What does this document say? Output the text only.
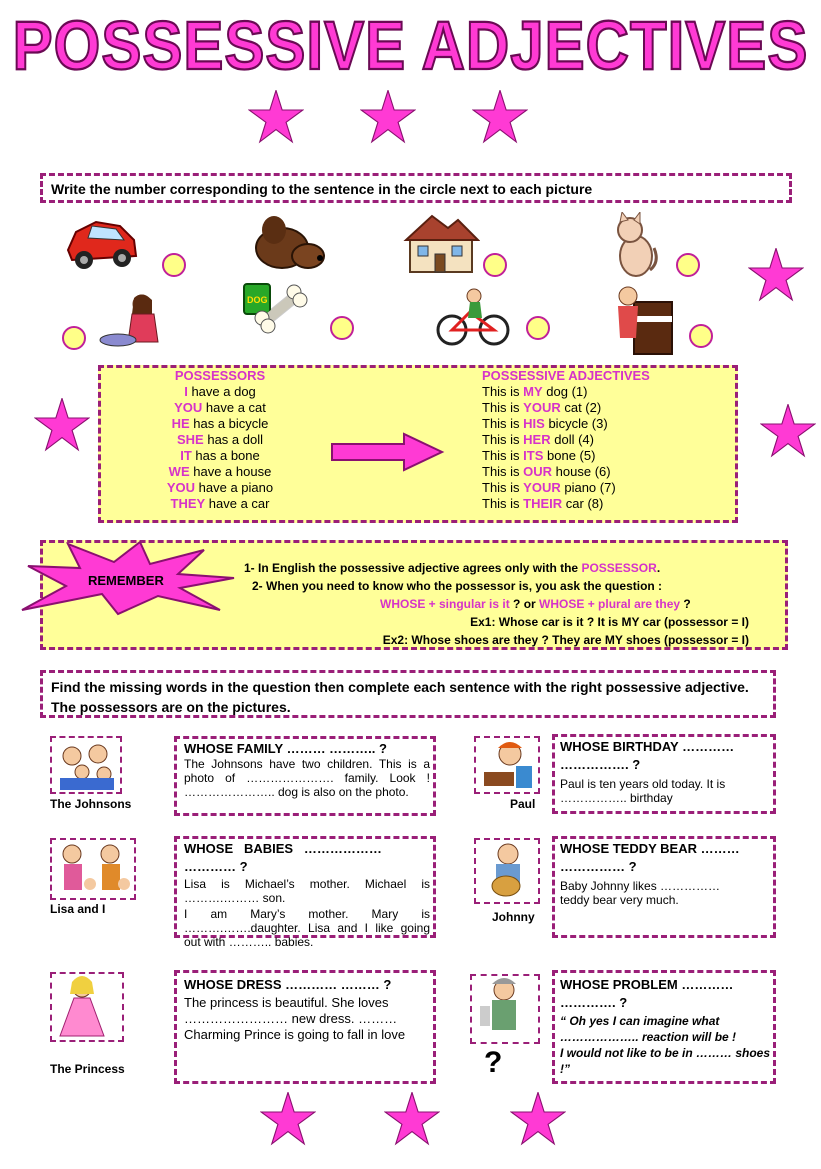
POSSESSIVE ADJECTIVES
Write the number corresponding to the sentence in the circle next to each picture
DOG
POSSESSORS
I have a dog
YOU have a cat
HE has a bicycle
SHE has a doll
IT has a bone
WE have a house
YOU have a piano
THEY have a car
POSSESSIVE ADJECTIVES
This is MY dog (1)
This is YOUR cat (2)
This is HIS bicycle (3)
This is HER doll (4)
This is ITS bone (5)
This is OUR house (6)
This is YOUR piano (7)
This is THEIR car (8)
REMEMBER
1- In English the possessive adjective agrees only with the POSSESSOR.
2- When you need to know who the possessor is, you ask the question :
WHOSE + singular is it ? or WHOSE + plural are they ?
Ex1: Whose car is it ? It is MY car (possessor = I)
Ex2: Whose shoes are they ? They are MY shoes (possessor = I)
Find the missing words in the question then complete each sentence with the right possessive adjective. The possessors are on the pictures.
The Johnsons
WHOSE FAMILY ……… ……….. ?
The Johnsons have two children. This is a photo of …………………. family. Look ! ………………….. dog is also on the photo.
Paul
WHOSE BIRTHDAY …………
……………. ?
Paul is ten years old today. It is …………….. birthday
Lisa and I
WHOSE   BABIES   ………………
………… ?
Lisa is Michael’s mother. Michael is ……….……… son.
I am Mary’s mother. Mary is ……….…….daughter. Lisa and I like going out with ……….. babies.
Johnny
WHOSE TEDDY BEAR ………
…………… ?
Baby Johnny likes …………… teddy bear very much.
The Princess
WHOSE DRESS ………… ……… ?
The princess is beautiful. She loves …………………… new dress. ……… Charming Prince is going to fall in love
?
WHOSE PROBLEM …………
…………. ?
“ Oh yes I can imagine what ……………….. reaction will be !
I would not like to be in ……… shoes !”
